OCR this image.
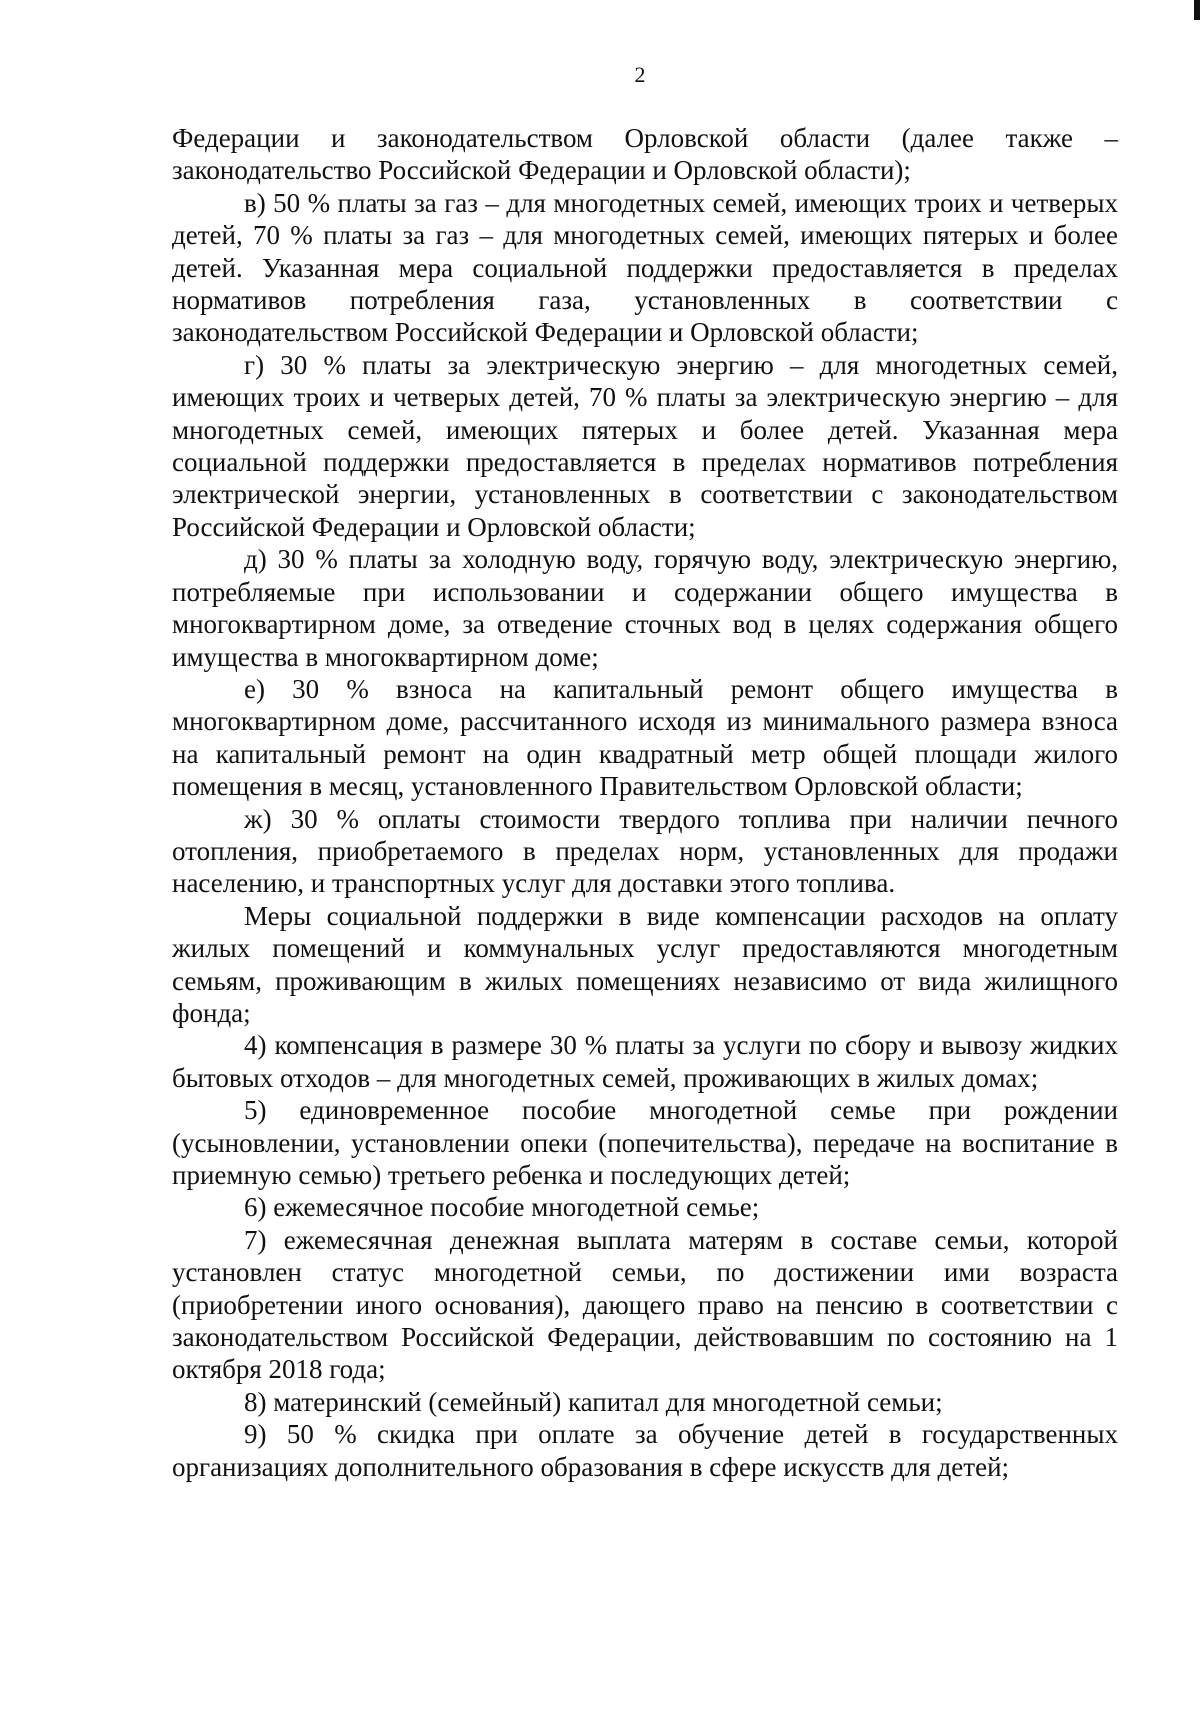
2

Федерации и законодательством Орловской области (далее также – законодательство Российской Федерации и Орловской области);

в) 50 % платы за газ – для многодетных семей, имеющих троих и четверых детей, 70 % платы за газ – для многодетных семей, имеющих пятерых и более детей. Указанная мера социальной поддержки предоставляется в пределах нормативов потребления газа, установленных в соответствии с законодательством Российской Федерации и Орловской области;

г) 30 % платы за электрическую энергию – для многодетных семей, имеющих троих и четверых детей, 70 % платы за электрическую энергию – для многодетных семей, имеющих пятерых и более детей. Указанная мера социальной поддержки предоставляется в пределах нормативов потребления электрической энергии, установленных в соответствии с законодательством Российской Федерации и Орловской области;

д) 30 % платы за холодную воду, горячую воду, электрическую энергию, потребляемые при использовании и содержании общего имущества в многоквартирном доме, за отведение сточных вод в целях содержания общего имущества в многоквартирном доме;

е) 30 % взноса на капитальный ремонт общего имущества в многоквартирном доме, рассчитанного исходя из минимального размера взноса на капитальный ремонт на один квадратный метр общей площади жилого помещения в месяц, установленного Правительством Орловской области;

ж) 30 % оплаты стоимости твердого топлива при наличии печного отопления, приобретаемого в пределах норм, установленных для продажи населению, и транспортных услуг для доставки этого топлива.

Меры социальной поддержки в виде компенсации расходов на оплату жилых помещений и коммунальных услуг предоставляются многодетным семьям, проживающим в жилых помещениях независимо от вида жилищного фонда;

4) компенсация в размере 30 % платы за услуги по сбору и вывозу жидких бытовых отходов – для многодетных семей, проживающих в жилых домах;

5) единовременное пособие многодетной семье при рождении (усыновлении, установлении опеки (попечительства), передаче на воспитание в приемную семью) третьего ребенка и последующих детей;

6) ежемесячное пособие многодетной семье;

7) ежемесячная денежная выплата матерям в составе семьи, которой установлен статус многодетной семьи, по достижении ими возраста (приобретении иного основания), дающего право на пенсию в соответствии с законодательством Российской Федерации, действовавшим по состоянию на 1 октября 2018 года;

8) материнский (семейный) капитал для многодетной семьи;

9) 50 % скидка при оплате за обучение детей в государственных организациях дополнительного образования в сфере искусств для детей;
